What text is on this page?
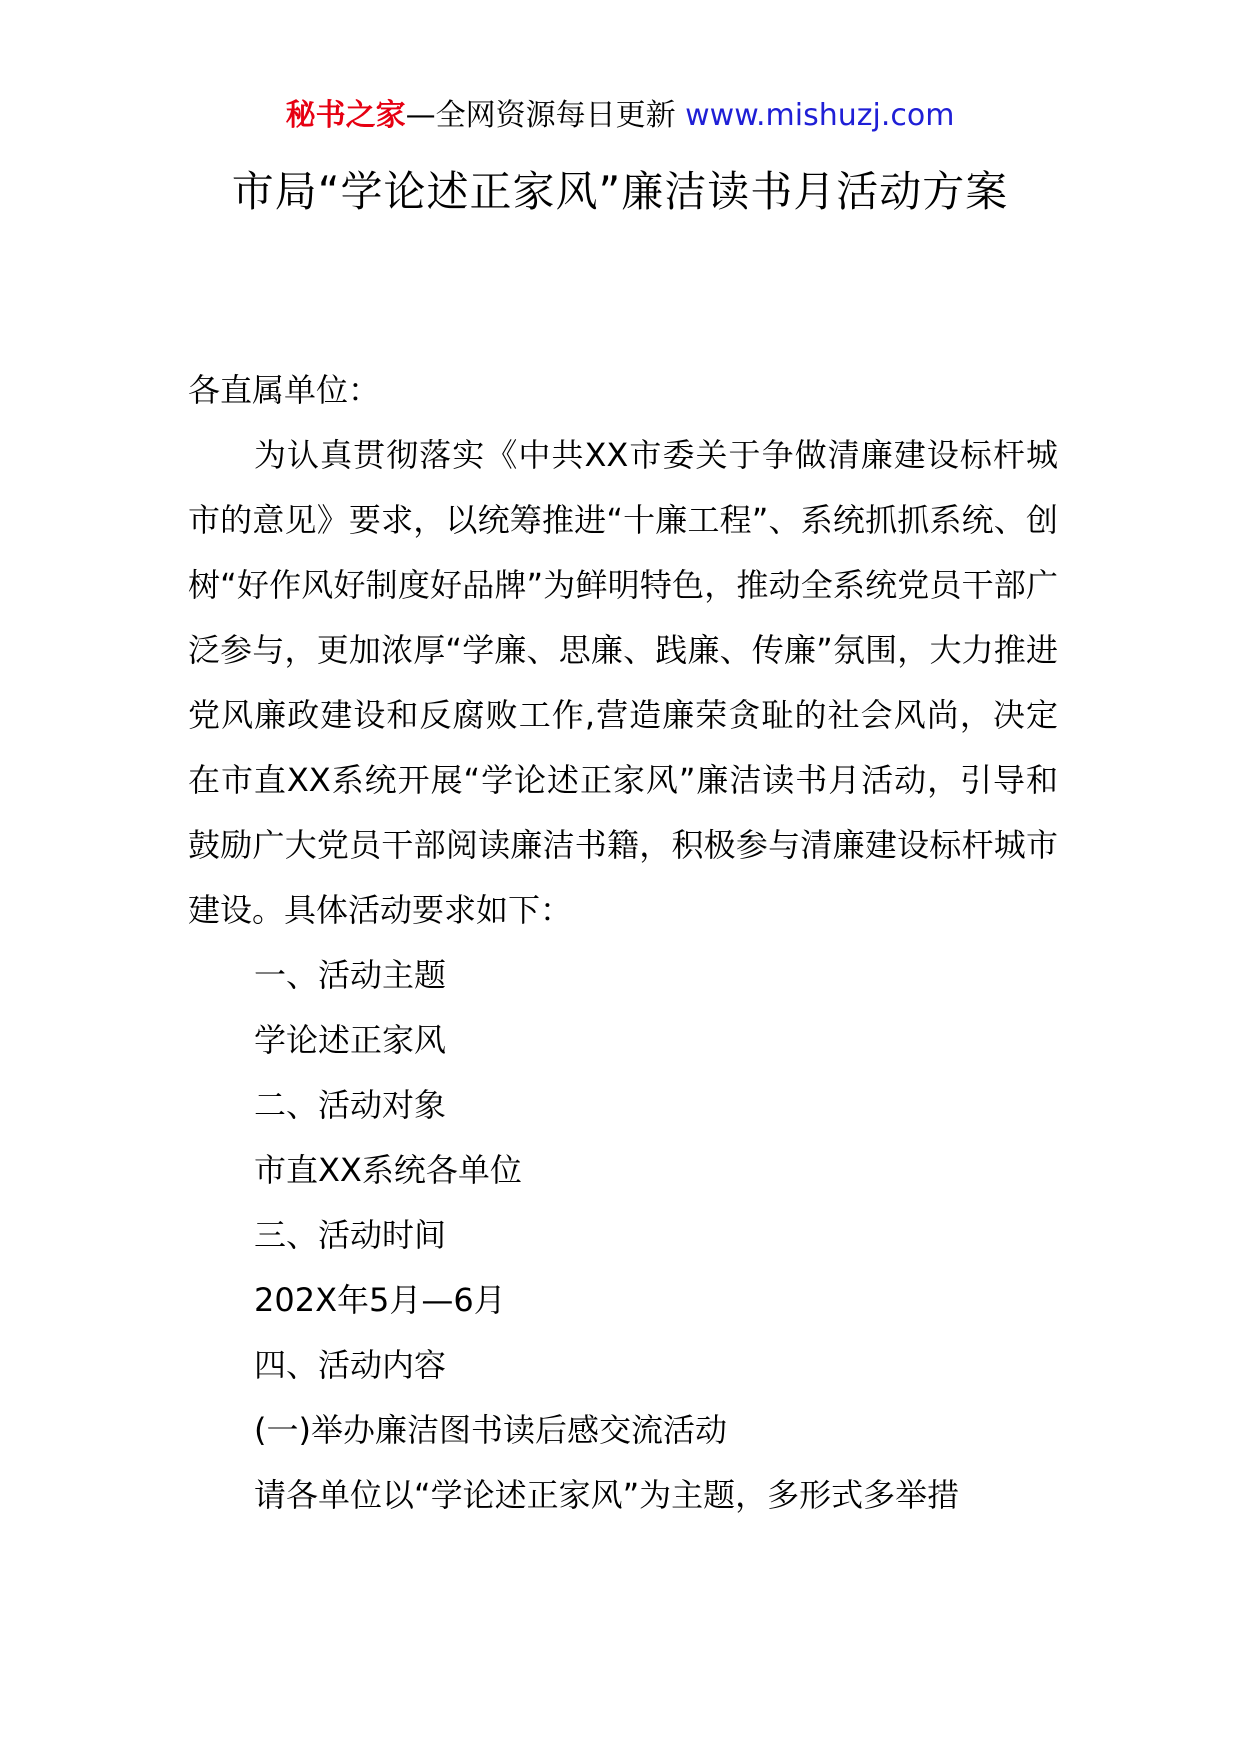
秘书之家—全网资源每日更新 www.mishuzj.com
市局“学论述正家风”廉洁读书月活动方案

各直属单位：

为认真贯彻落实《中共XX市委关于争做清廉建设标杆城市的意见》要求，以统筹推进“十廉工程”、系统抓抓系统、创树“好作风好制度好品牌”为鲜明特色，推动全系统党员干部广泛参与，更加浓厚“学廉、思廉、践廉、传廉”氛围，大力推进党风廉政建设和反腐败工作,营造廉荣贪耻的社会风尚，决定在市直XX系统开展“学论述正家风”廉洁读书月活动，引导和鼓励广大党员干部阅读廉洁书籍，积极参与清廉建设标杆城市建设。具体活动要求如下：

一、活动主题

学论述正家风

二、活动对象

市直XX系统各单位

三、活动时间

202X年5月—6月

四、活动内容

(一)举办廉洁图书读后感交流活动

请各单位以“学论述正家风”为主题，多形式多举措
